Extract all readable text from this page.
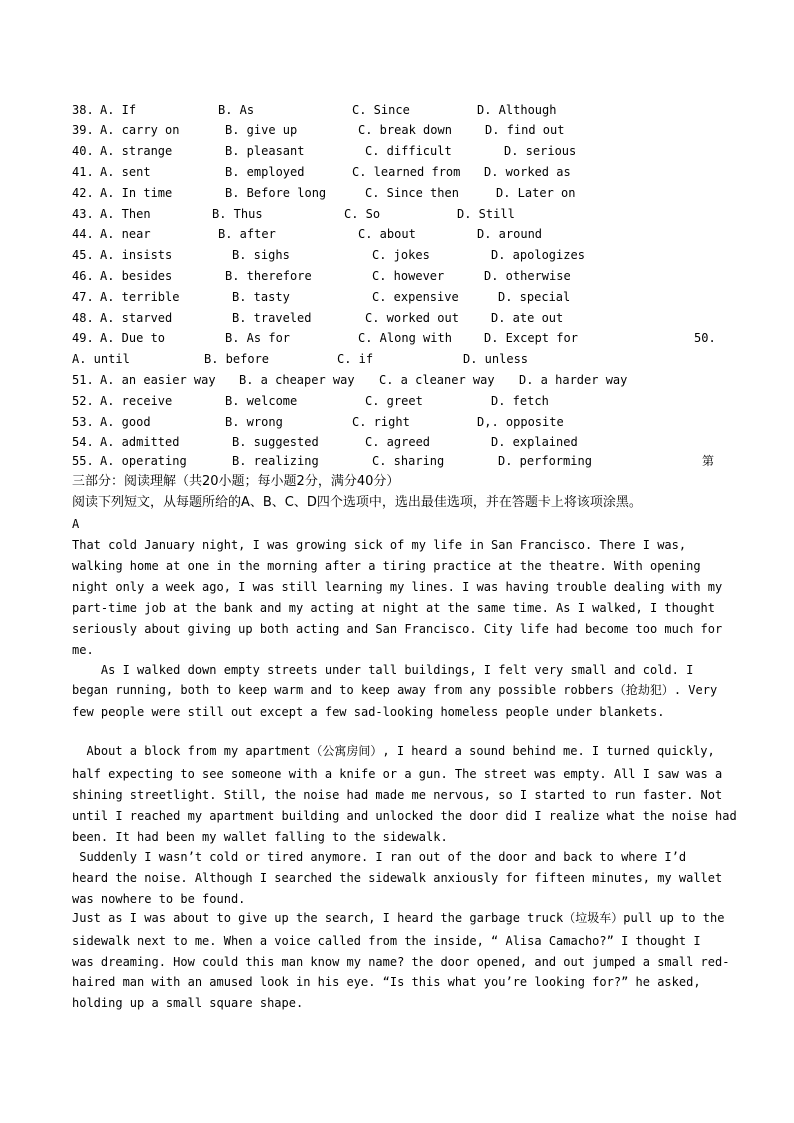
38. A. If	B. As	C. Since	D. Although
39. A. carry on	B. give up	C. break down	D. find out
40. A. strange	B. pleasant	C. difficult	D. serious
41. A. sent	B. employed	C. learned from D. worked as
42. A. In time	B. Before long	C. Since then	D. Later on
43. A. Then	B. Thus	C. So	D. Still
44. A. near	B. after	C. about	D. around
45. A. insists	B. sighs	C. jokes	D. apologizes
46. A. besides	B. therefore	C. however	D. otherwise
47. A. terrible	B. tasty	C. expensive	D. special
48. A. starved	B. traveled	C. worked out	D. ate out
49. A. Due to	B. As for	C. Along with	D. Except for	50.
A. until	B. before	C. if	D. unless
51. A. an easier way B. a cheaper way C. a cleaner way D. a harder way
52. A. receive	B. welcome	C. greet	D. fetch
53. A. good	B. wrong	C. right	D,. opposite
54. A. admitted	B. suggested	C. agreed	D. explained
55. A. operating	B. realizing	C. sharing	D. performing	第
三部分：阅读理解（共20小题；每小题2分，满分40分）
阅读下列短文，从每题所给的A、B、C、D四个选项中，选出最佳选项，并在答题卡上将该项涂黑。
A
That cold January night, I was growing sick of my life in San Francisco. There I was,
walking home at one in the morning after a tiring practice at the theatre. With opening
night only a week ago, I was still learning my lines. I was having trouble dealing with my
part-time job at the bank and my acting at night at the same time. As I walked, I thought
seriously about giving up both acting and San Francisco. City life had become too much for
me.
As I walked down empty streets under tall buildings, I felt very small and cold. I
began running, both to keep warm and to keep away from any possible robbers（抢劫犯）. Very
few people were still out except a few sad-looking homeless people under blankets.
About a block from my apartment（公寓房间）, I heard a sound behind me. I turned quickly,
half expecting to see someone with a knife or a gun. The street was empty. All I saw was a
shining streetlight. Still, the noise had made me nervous, so I started to run faster. Not
until I reached my apartment building and unlocked the door did I realize what the noise had
been. It had been my wallet falling to the sidewalk.
Suddenly I wasn’t cold or tired anymore. I ran out of the door and back to where I’d
heard the noise. Although I searched the sidewalk anxiously for fifteen minutes, my wallet
was nowhere to be found.
Just as I was about to give up the search, I heard the garbage truck（垃圾车）pull up to the
sidewalk next to me. When a voice called from the inside, “ Alisa Camacho?” I thought I
was dreaming. How could this man know my name? the door opened, and out jumped a small red-
haired man with an amused look in his eye. “Is this what you’re looking for?” he asked,
holding up a small square shape.
